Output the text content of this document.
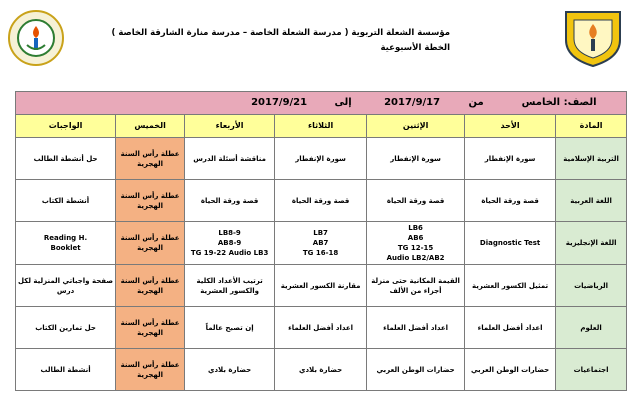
مؤسسة الشعلة التربوية ( مدرسة الشعلة الخاصة – مدرسة منارة الشارقة الخاصة )
الخطة الأسبوعية
الصف: الخامس
من
2017/9/17
إلى
2017/9/21						

المادة	الأحد	الإثنين	الثلاثاء	الأربعاء	الخميس	الواجبات
التربية الإسلامية	سورة الإنفطار	سورة الإنفطار	سورة الإنفطار	مناقشة أسئلة الدرس	عطلة رأس السنة الهجرية	حل أنشطة الطالب
اللغة العربية	قصة ورقة الحياة	قصة ورقة الحياة	قصة ورقة الحياة	قصة ورقة الحياة	عطلة رأس السنة الهجرية	أنشطة الكتاب
اللغة الإنجليزية	Diagnostic Test	LB6
AB6
TG 12-15
Audio LB2/AB2	LB7
AB7
TG 16-18	LB8-9
AB8-9
TG 19-22 Audio LB3	عطلة رأس السنة الهجرية	Reading H.
Booklet
الرياضيات	تمثيل الكسور العشرية	القيمة المكانية حتى منزلة أجزاء من الألف	مقارنة الكسور العشرية	ترتيب الأعداد الكلية والكسور العشرية	عطلة رأس السنة الهجرية	صفحة واجباتي المنزلية لكل درس
العلوم	اعداد أفضل العلماء	اعداد أفضل العلماء	اعداد أفضل العلماء	إن تصبح عالماً	عطلة رأس السنة الهجرية	حل تمارين الكتاب
اجتماعيات	حضارات الوطن العربي	حضارات الوطن العربي	حضارة بلادي	حضارة بلادي	عطلة رأس السنة الهجرية	أنشطة الطالب
